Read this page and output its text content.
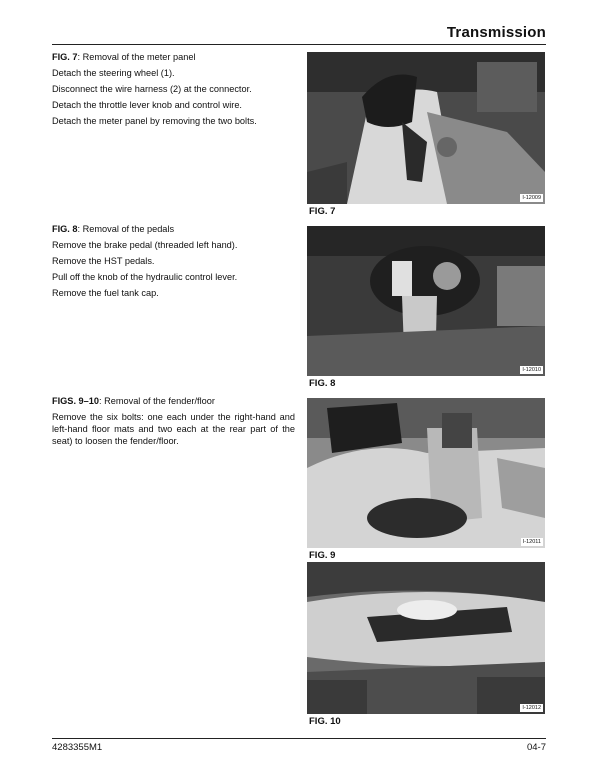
Transmission

FIG. 7: Removal of the meter panel

Detach the steering wheel (1).

Disconnect the wire harness (2) at the connector.

Detach the throttle lever knob and control wire.

Detach the meter panel by removing the two bolts.

FIG. 8: Removal of the pedals

Remove the brake pedal (threaded left hand).

Remove the HST pedals.

Pull off the knob of the hydraulic control lever.

Remove the fuel tank cap.

FIGS. 9–10: Removal of the fender/floor

Remove the six bolts: one each under the right-hand and left-hand floor mats and two each at the rear part of the seat) to loosen the fender/floor.

I-12009
FIG. 7
I-12010
FIG. 8
I-12011
FIG. 9
I-12012
FIG. 10
4283355M1	04-7
